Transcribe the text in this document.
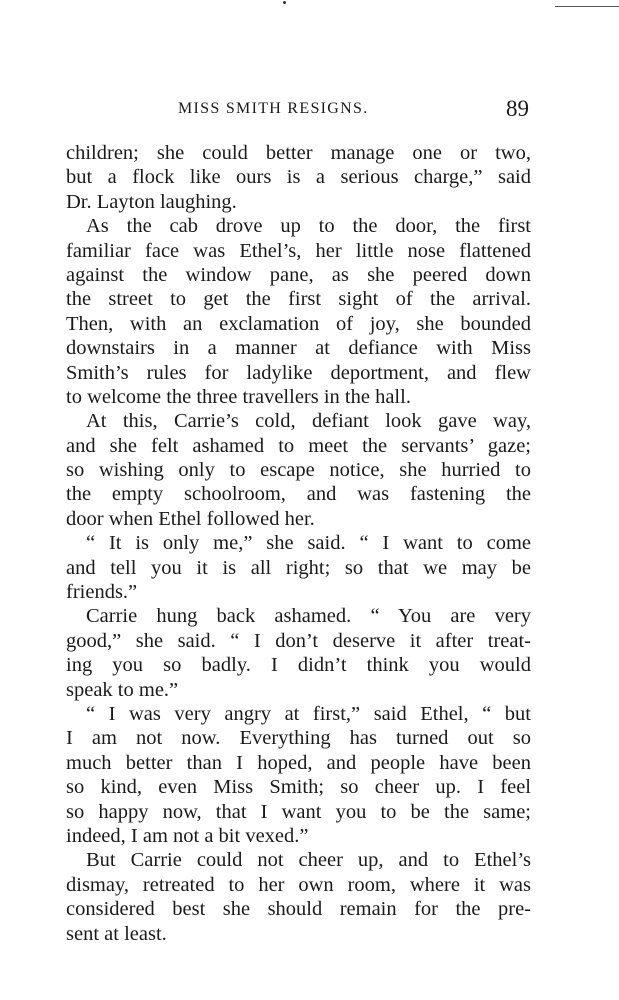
MISS SMITH RESIGNS.	89
children; she could better manage one or two,
but a flock like ours is a serious charge,” said
Dr. Layton laughing.
As the cab drove up to the door, the first
familiar face was Ethel’s, her little nose flattened
against the window pane, as she peered down
the street to get the first sight of the arrival.
Then, with an exclamation of joy, she bounded
downstairs in a manner at defiance with Miss
Smith’s rules for ladylike deportment, and flew
to welcome the three travellers in the hall.
At this, Carrie’s cold, defiant look gave way,
and she felt ashamed to meet the servants’ gaze;
so wishing only to escape notice, she hurried to
the empty schoolroom, and was fastening the
door when Ethel followed her.
“ It is only me,” she said. “ I want to come
and tell you it is all right; so that we may be
friends.”
Carrie hung back ashamed. “ You are very
good,” she said. “ I don’t deserve it after treat-
ing you so badly. I didn’t think you would
speak to me.”
“ I was very angry at first,” said Ethel, “ but
I am not now. Everything has turned out so
much better than I hoped, and people have been
so kind, even Miss Smith; so cheer up. I feel
so happy now, that I want you to be the same;
indeed, I am not a bit vexed.”
But Carrie could not cheer up, and to Ethel’s
dismay, retreated to her own room, where it was
considered best she should remain for the pre-
sent at least.
